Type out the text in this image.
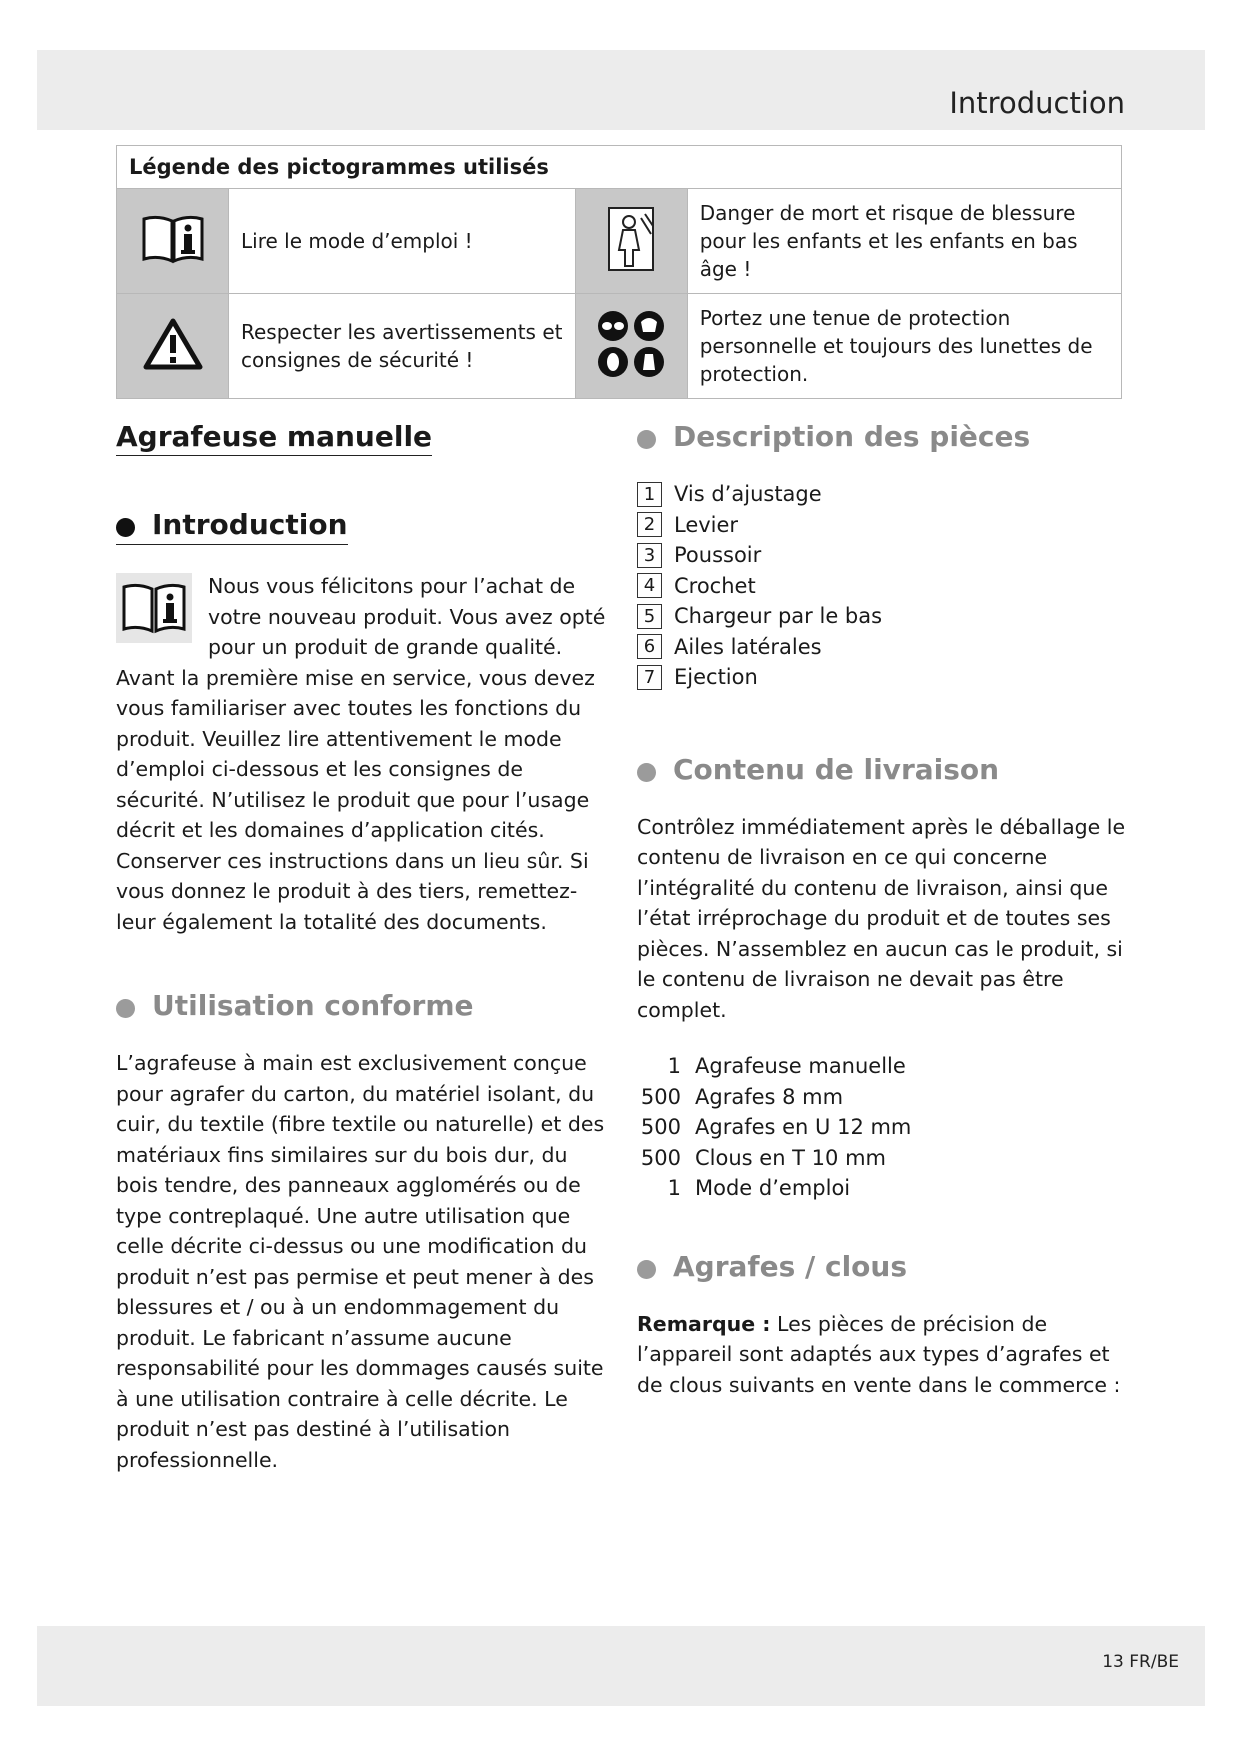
Introduction
Légende des pictogrammes utilisés			
	Lire le mode d’emploi !		Danger de mort et risque de blessure pour les enfants et les enfants en bas âge !
	Respecter les avertissements et consignes de sécurité !		Portez une tenue de protection personnelle et toujours des lunettes de protection.
Agrafeuse manuelle
Introduction

Nous vous félicitons pour l’achat de votre nouveau produit. Vous avez opté pour un produit de grande qualité. Avant la première mise en service, vous devez vous familiariser avec toutes les fonctions du produit. Veuillez lire attentivement le mode d’emploi ci-dessous et les consignes de sécurité. N’utilisez le produit que pour l’usage décrit et les domaines d’application cités. Conserver ces instructions dans un lieu sûr. Si vous donnez le produit à des tiers, remettez-leur également la totalité des documents.

Utilisation conforme

L’agrafeuse à main est exclusivement conçue pour agrafer du carton, du matériel isolant, du cuir, du textile (fibre textile ou naturelle) et des matériaux fins similaires sur du bois dur, du bois tendre, des panneaux agglomérés ou de type contreplaqué. Une autre utilisation que celle décrite ci-dessus ou une modification du produit n’est pas permise et peut mener à des blessures et / ou à un endommagement du produit. Le fabricant n’assume aucune responsabilité pour les dommages causés suite à une utilisation contraire à celle décrite. Le produit n’est pas destiné à l’utilisation professionnelle.

Description des pièces
1 Vis d’ajustage
2 Levier
3 Poussoir
4 Crochet
5 Chargeur par le bas
6 Ailes latérales
7 Ejection
Contenu de livraison

Contrôlez immédiatement après le déballage le contenu de livraison en ce qui concerne l’intégralité du contenu de livraison, ainsi que l’état irréprochage du produit et de toutes ses pièces. N’assemblez en aucun cas le produit, si le contenu de livraison ne devait pas être complet.

1 Agrafeuse manuelle
500 Agrafes 8 mm
500 Agrafes en U 12 mm
500 Clous en T 10 mm
1 Mode d’emploi
Agrafes / clous

Remarque : Les pièces de précision de l’appareil sont adaptés aux types d’agrafes et de clous suivants en vente dans le commerce :

13 FR/BE
